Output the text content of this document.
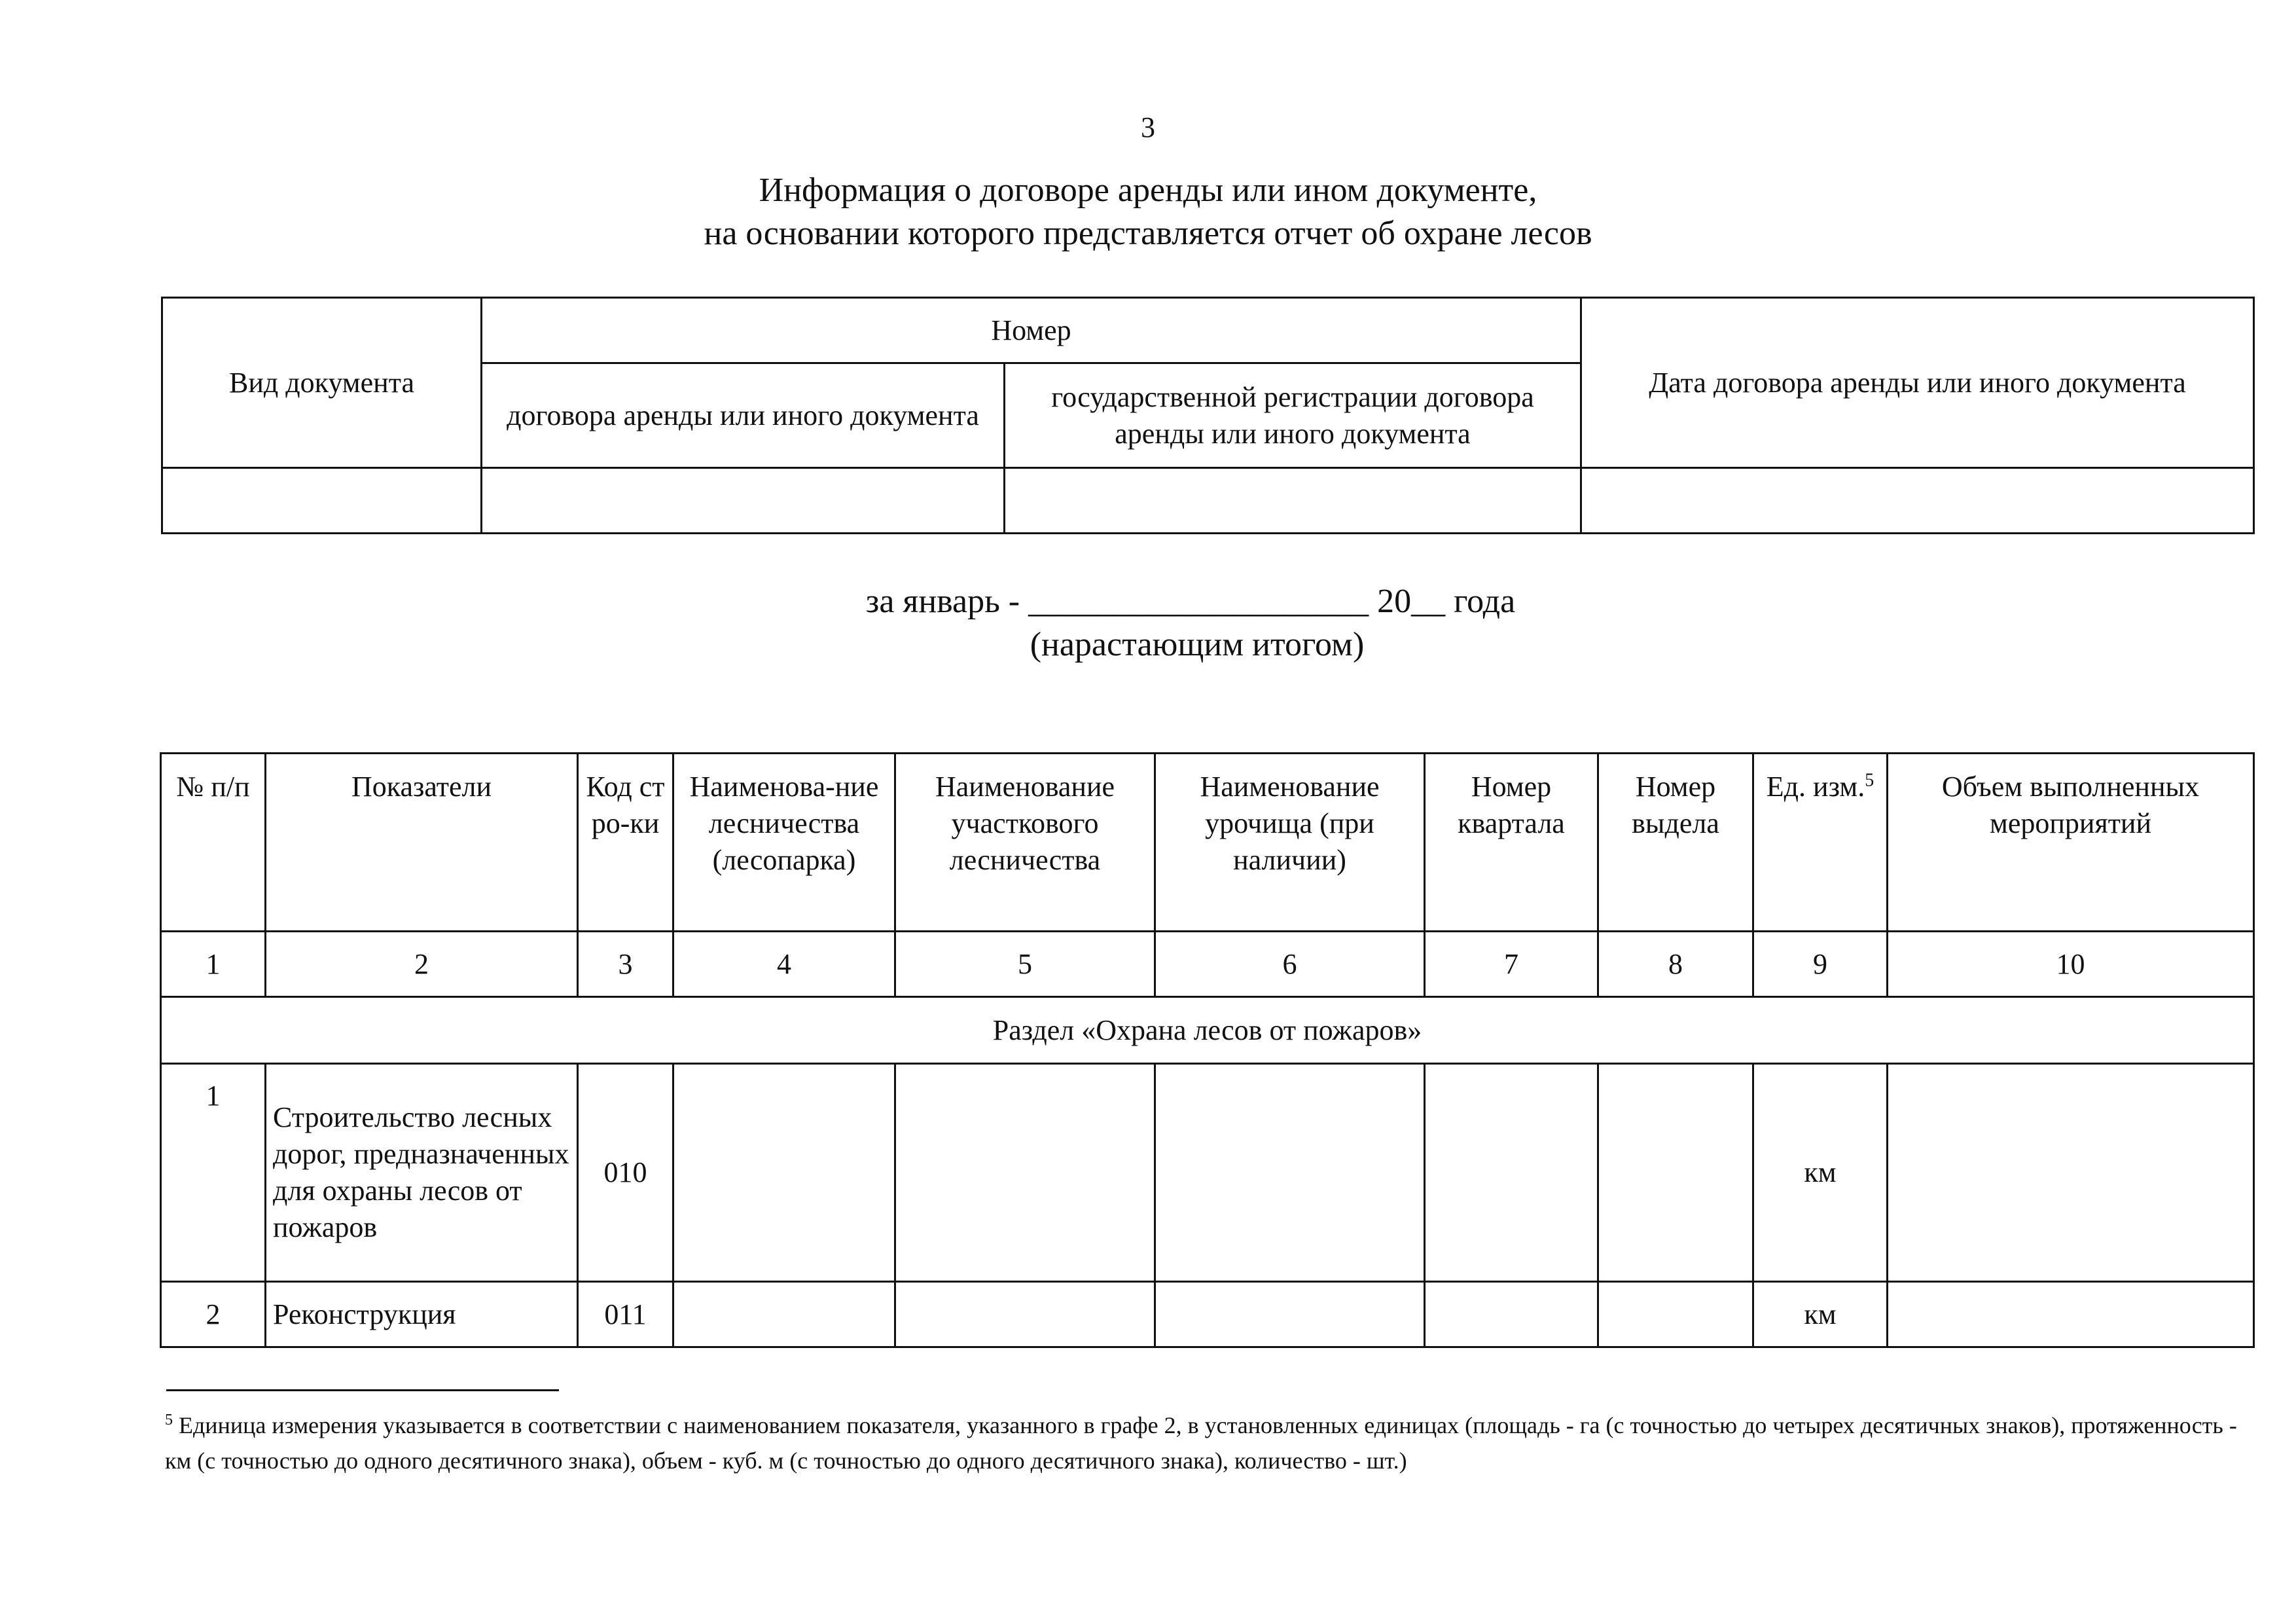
3
Информация о договоре аренды или ином документе,
на основании которого представляется отчет об охране лесов
Вид документа	Номер		Дата договора аренды или иного документа
	договора аренды или иного документа	государственной регистрации договора аренды или иного документа	

за январь - ____________________ 20__ года
(нарастающим итогом)
№ п/п	Показатели	Код стро-ки	Наименова-ние лесничества (лесопарка)	Наименование участкового лесничества	Наименование урочища (при наличии)	Номер квартала	Номер выдела	Ед. изм.$^5$	Объем выполненных мероприятий
1	2	3	4	5	6	7	8	9	10
Раздел «Охрана лесов от пожаров»									
1	Строительство лесных дорог, предназначенных для охраны лесов от пожаров	010						км	
2	Реконструкция	011						км	
$^5$ Единица измерения указывается в соответствии с наименованием показателя, указанного в графе 2, в установленных единицах (площадь - га (с точностью до четырех десятичных знаков), протяженность - км (с точностью до одного десятичного знака), объем - куб. м (с точностью до одного десятичного знака), количество - шт.)
